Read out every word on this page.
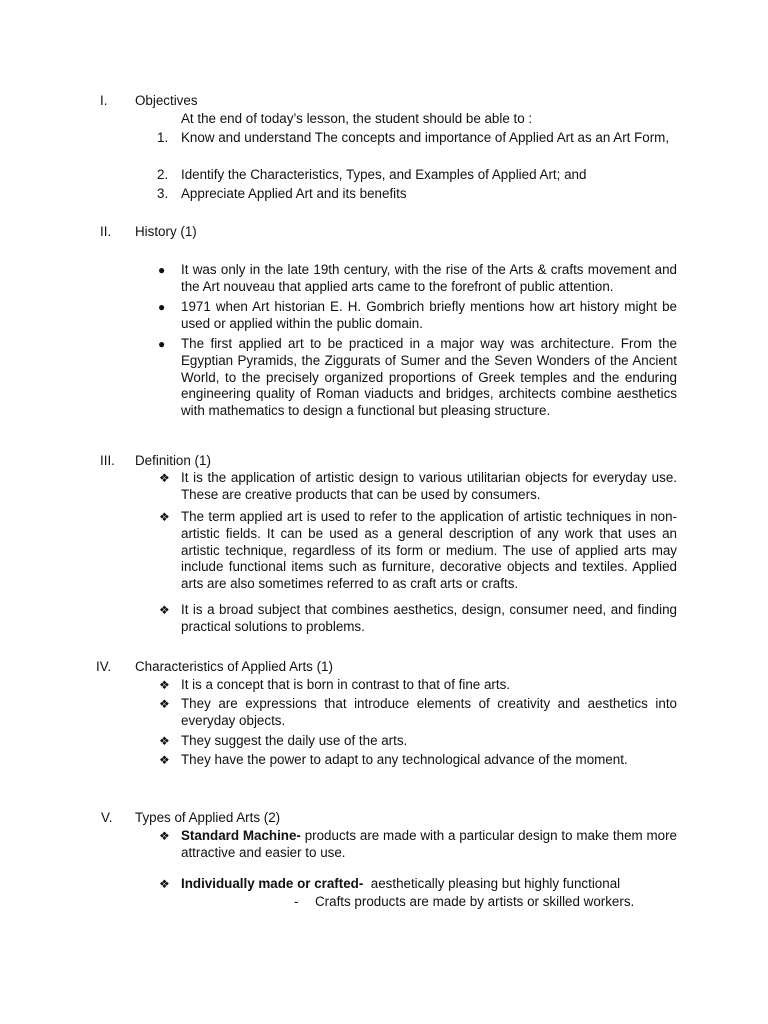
I. Objectives
At the end of today’s lesson, the student should be able to :
1. Know and understand The concepts and importance of Applied Art as an Art Form,
2. Identify the Characteristics, Types, and Examples of Applied Art; and
3. Appreciate Applied Art and its benefits
II. History (1)
● It was only in the late 19th century, with the rise of the Arts & crafts movement and the Art nouveau that applied arts came to the forefront of public attention.
● 1971 when Art historian E. H. Gombrich briefly mentions how art history might be used or applied within the public domain.
● The first applied art to be practiced in a major way was architecture. From the Egyptian Pyramids, the Ziggurats of Sumer and the Seven Wonders of the Ancient World, to the precisely organized proportions of Greek temples and the enduring engineering quality of Roman viaducts and bridges, architects combine aesthetics with mathematics to design a functional but pleasing structure.
III. Definition (1)
❖ It is the application of artistic design to various utilitarian objects for everyday use. These are creative products that can be used by consumers.
❖ The term applied art is used to refer to the application of artistic techniques in non-artistic fields. It can be used as a general description of any work that uses an artistic technique, regardless of its form or medium. The use of applied arts may include functional items such as furniture, decorative objects and textiles. Applied arts are also sometimes referred to as craft arts or crafts.
❖ It is a broad subject that combines aesthetics, design, consumer need, and finding practical solutions to problems.
IV. Characteristics of Applied Arts (1)
❖ It is a concept that is born in contrast to that of fine arts.
❖ They are expressions that introduce elements of creativity and aesthetics into everyday objects.
❖ They suggest the daily use of the arts.
❖ They have the power to adapt to any technological advance of the moment.
V. Types of Applied Arts (2)
❖ Standard Machine- products are made with a particular design to make them more attractive and easier to use.
❖ Individually made or crafted-  aesthetically pleasing but highly functional
- Crafts products are made by artists or skilled workers.
